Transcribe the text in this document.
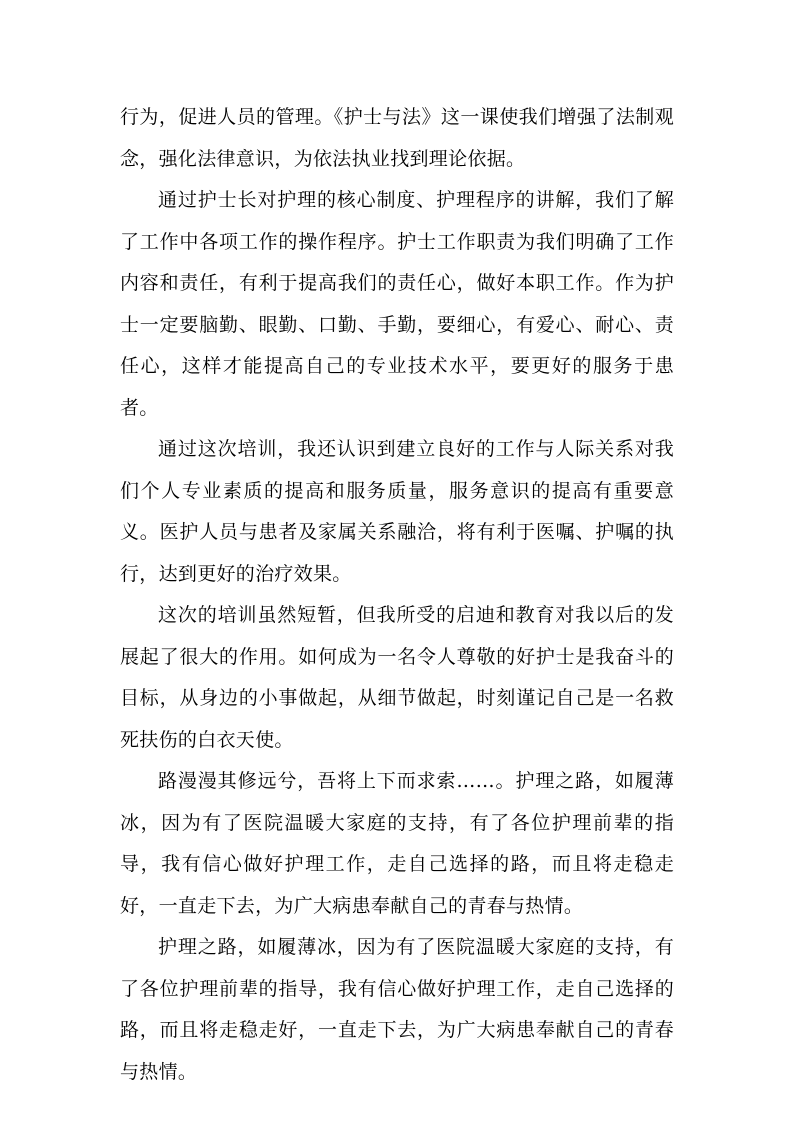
行为，促进人员的管理。《护士与法》这一课使我们增强了法制观念，强化法律意识，为依法执业找到理论依据。

通过护士长对护理的核心制度、护理程序的讲解，我们了解了工作中各项工作的操作程序。护士工作职责为我们明确了工作内容和责任，有利于提高我们的责任心，做好本职工作。作为护士一定要脑勤、眼勤、口勤、手勤，要细心，有爱心、耐心、责任心，这样才能提高自己的专业技术水平，要更好的服务于患者。

通过这次培训，我还认识到建立良好的工作与人际关系对我们个人专业素质的提高和服务质量，服务意识的提高有重要意义。医护人员与患者及家属关系融洽，将有利于医嘱、护嘱的执行，达到更好的治疗效果。

这次的培训虽然短暂，但我所受的启迪和教育对我以后的发展起了很大的作用。如何成为一名令人尊敬的好护士是我奋斗的目标，从身边的小事做起，从细节做起，时刻谨记自己是一名救死扶伤的白衣天使。

路漫漫其修远兮，吾将上下而求索……。护理之路，如履薄冰，因为有了医院温暖大家庭的支持，有了各位护理前辈的指导，我有信心做好护理工作，走自己选择的路，而且将走稳走好，一直走下去，为广大病患奉献自己的青春与热情。

护理之路，如履薄冰，因为有了医院温暖大家庭的支持，有了各位护理前辈的指导，我有信心做好护理工作，走自己选择的路，而且将走稳走好，一直走下去，为广大病患奉献自己的青春与热情。
